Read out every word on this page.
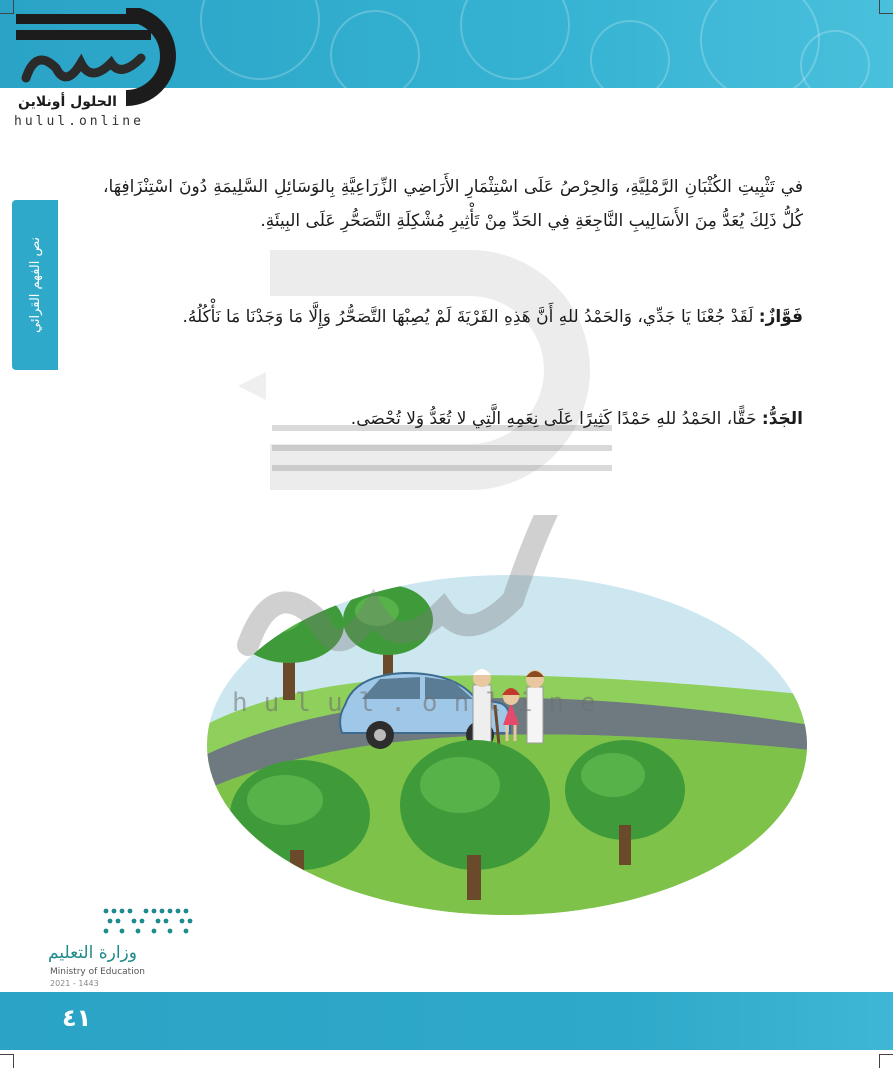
الحلول أونلاين
hulul.online
نص الفهم القرائي
في تَثْبِيتِ الكُثْبَانِ الرَّمْلِيَّةِ، وَالحِرْصُ عَلَى اسْتِثْمَارِ الأَرَاضِي الزِّرَاعِيَّةِ بِالوَسَائِلِ السَّلِيمَةِ دُونَ اسْتِنْزَافِهَا، كُلُّ ذَلِكَ يُعَدُّ مِنَ الأَسَالِيبِ النَّاجِعَةِ فِي الحَدِّ مِنْ تَأْثِيرِ مُشْكِلَةِ التَّصَحُّرِ عَلَى البِيئَةِ.
فَوَّازٌ: لَقَدْ جُعْنَا يَا جَدِّي، وَالحَمْدُ للهِ أَنَّ هَذِهِ القَرْيَةَ لَمْ يُصِبْهَا التَّصَحُّرُ وَإِلَّا مَا وَجَدْنَا مَا نَأْكُلُهُ.
الجَدُّ: حَقًّا، الحَمْدُ للهِ حَمْدًا كَثِيرًا عَلَى نِعَمِهِ الَّتِي لا تُعَدُّ وَلا تُحْصَى.
hulul.online
وزارة التعليم
Ministry of Education
2021 - 1443
٤١
